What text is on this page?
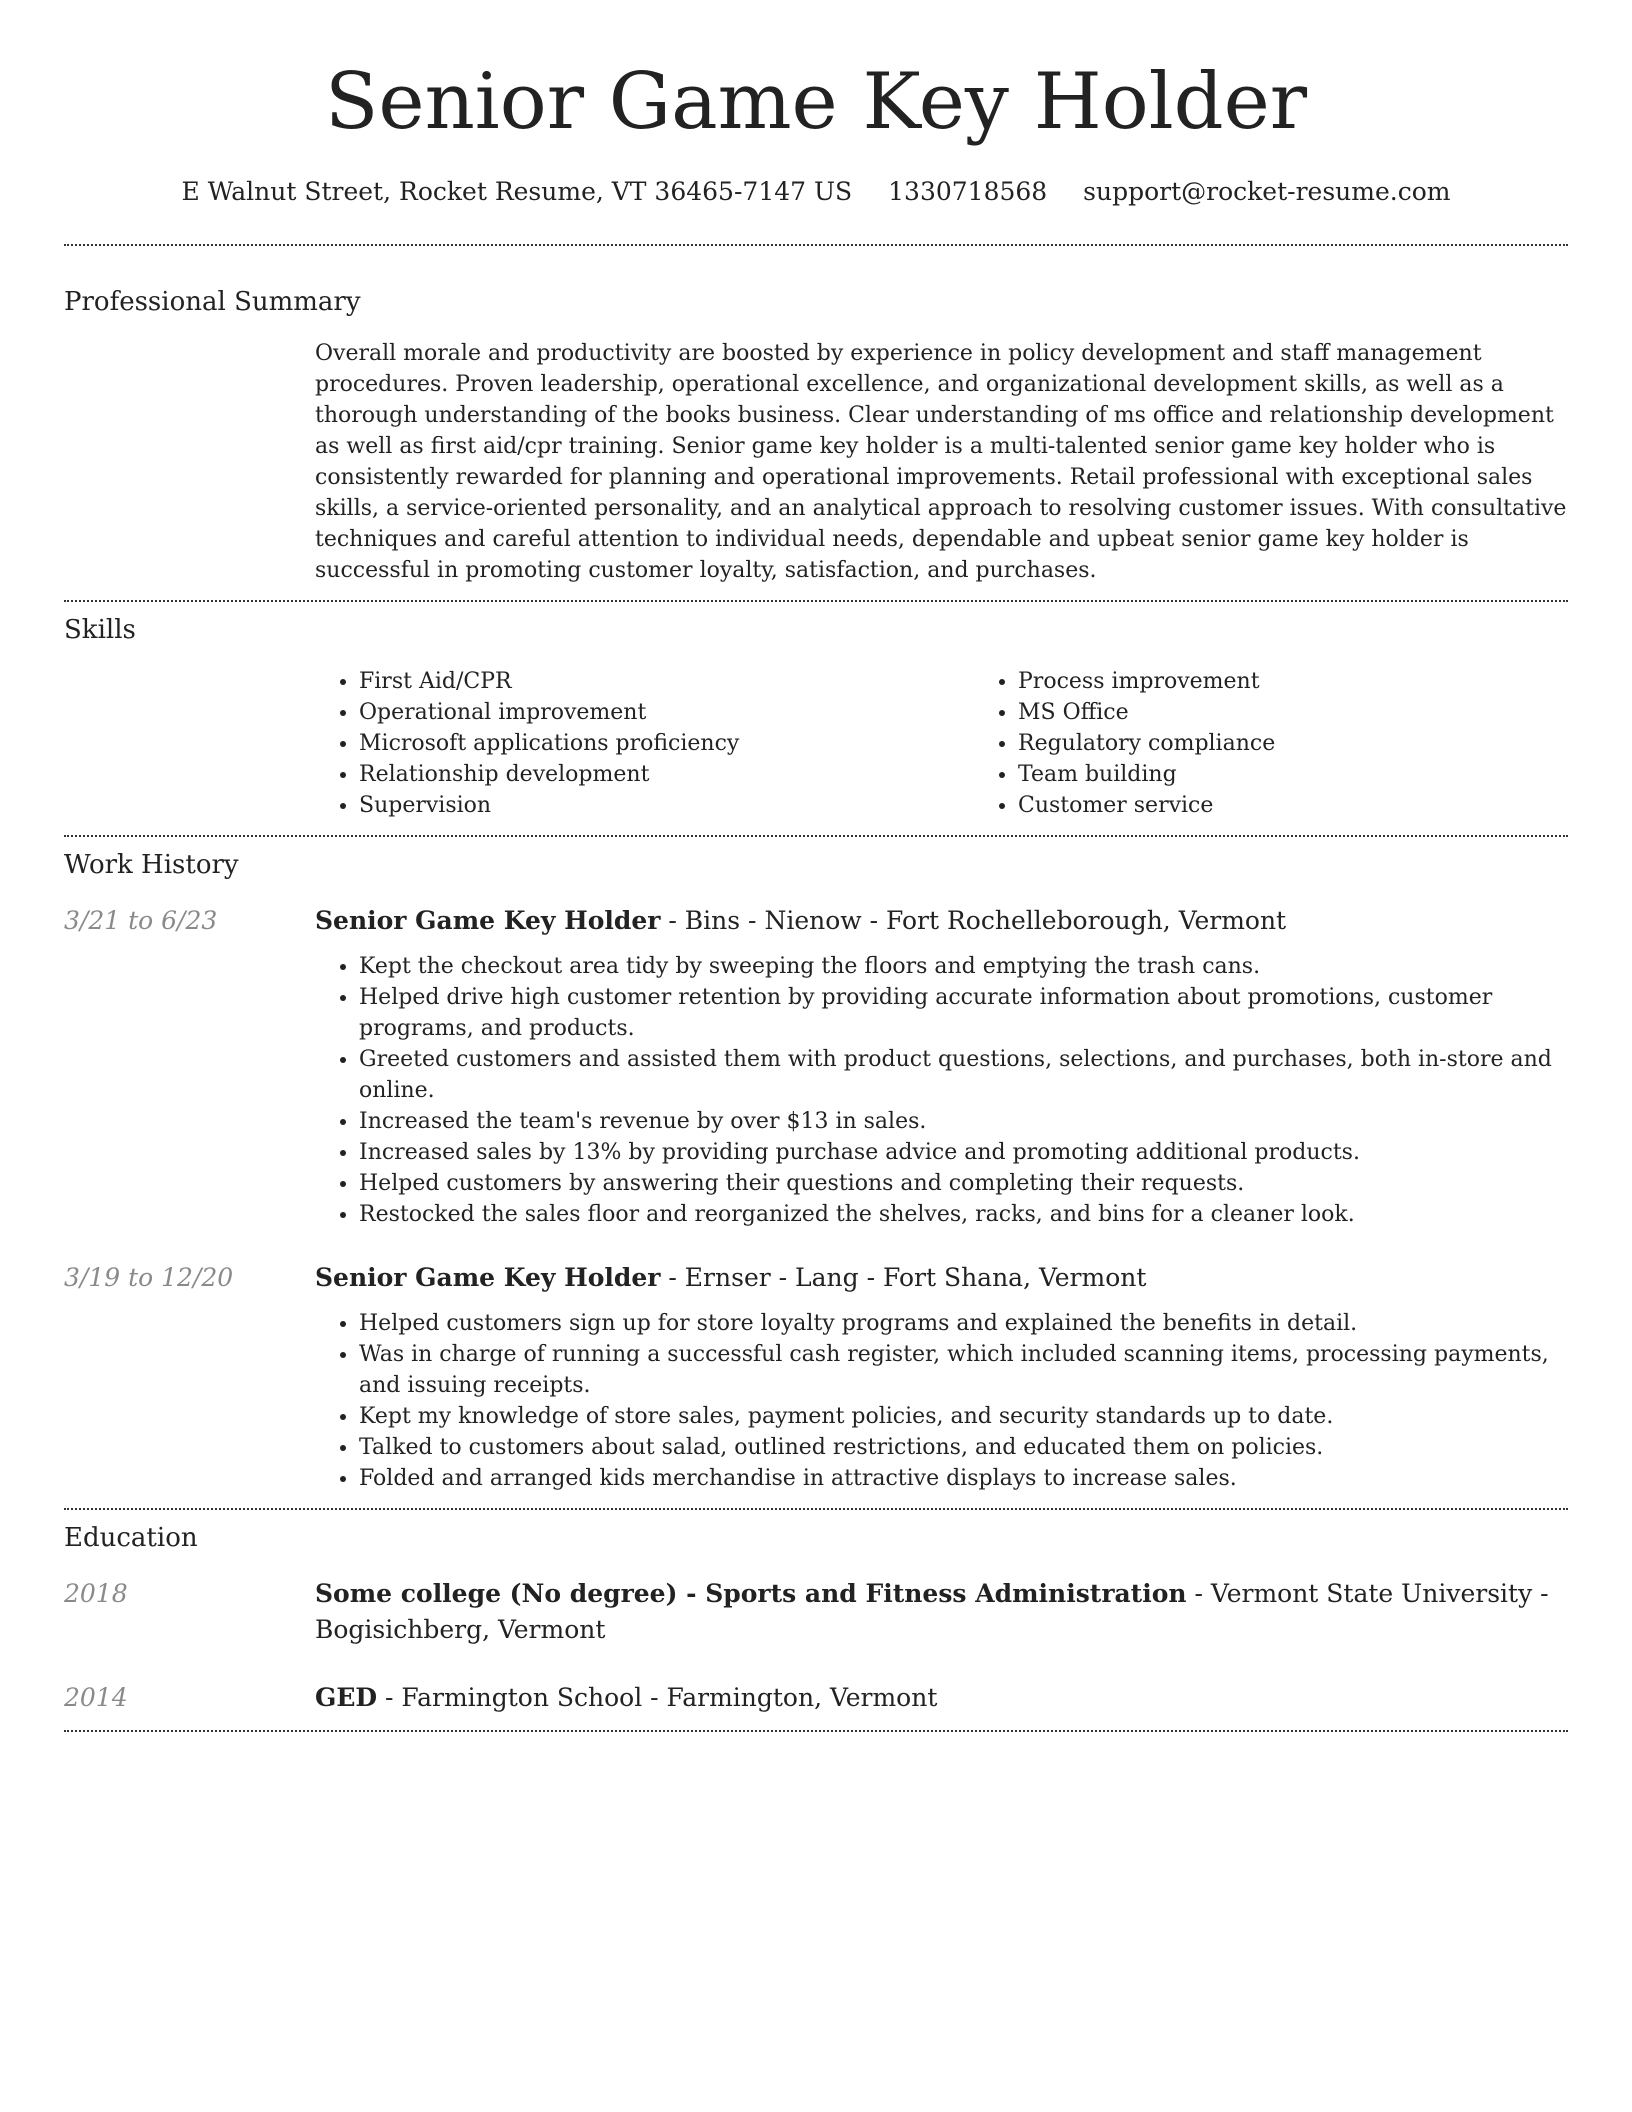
Senior Game Key Holder
E Walnut Street, Rocket Resume, VT 36465-7147 US 1330718568 support@rocket-resume.com
Professional Summary

Overall morale and productivity are boosted by experience in policy development and staff management procedures. Proven leadership, operational excellence, and organizational development skills, as well as a thorough understanding of the books business. Clear understanding of ms office and relationship development as well as first aid/cpr training. Senior game key holder is a multi-talented senior game key holder who is consistently rewarded for planning and operational improvements. Retail professional with exceptional sales skills, a service-oriented personality, and an analytical approach to resolving customer issues. With consultative techniques and careful attention to individual needs, dependable and upbeat senior game key holder is successful in promoting customer loyalty, satisfaction, and purchases.

Skills
• First Aid/CPR
• Operational improvement
• Microsoft applications proficiency
• Relationship development
• Supervision
• Process improvement
• MS Office
• Regulatory compliance
• Team building
• Customer service
Work History
3/21 to 6/23	Senior Game Key Holder - Bins - Nienow - Fort Rochelleborough, Vermont

• Kept the checkout area tidy by sweeping the floors and emptying the trash cans.
• Helped drive high customer retention by providing accurate information about promotions, customer programs, and products.
• Greeted customers and assisted them with product questions, selections, and purchases, both in-store and online.
• Increased the team's revenue by over $13 in sales.
• Increased sales by 13% by providing purchase advice and promoting additional products.
• Helped customers by answering their questions and completing their requests.
• Restocked the sales floor and reorganized the shelves, racks, and bins for a cleaner look.
3/19 to 12/20	Senior Game Key Holder - Ernser - Lang - Fort Shana, Vermont

• Helped customers sign up for store loyalty programs and explained the benefits in detail.
• Was in charge of running a successful cash register, which included scanning items, processing payments, and issuing receipts.
• Kept my knowledge of store sales, payment policies, and security standards up to date.
• Talked to customers about salad, outlined restrictions, and educated them on policies.
• Folded and arranged kids merchandise in attractive displays to increase sales.
Education
2018	Some college (No degree) - Sports and Fitness Administration - Vermont State University - Bogisichberg, Vermont

2014	GED - Farmington School - Farmington, Vermont
